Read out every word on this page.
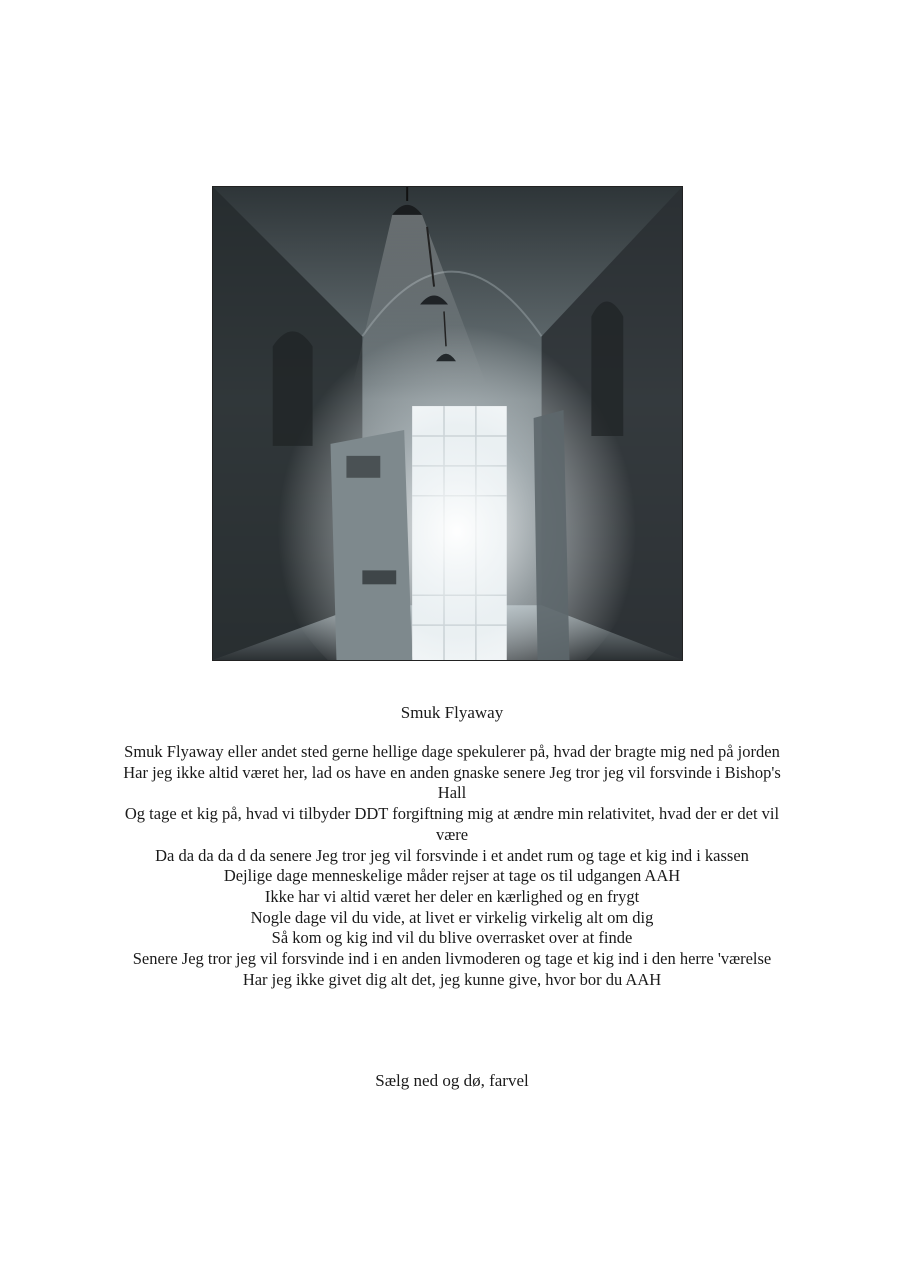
Smuk Flyaway
Smuk Flyaway eller andet sted gerne hellige dage spekulerer på, hvad der bragte mig ned på jorden
Har jeg ikke altid været her, lad os have en anden gnaske senere Jeg tror jeg vil forsvinde i Bishop's Hall
Og tage et kig på, hvad vi tilbyder DDT forgiftning mig at ændre min relativitet, hvad der er det vil være
Da da da da d da senere Jeg tror jeg vil forsvinde i et andet rum og tage et kig ind i kassen
Dejlige dage menneskelige måder rejser at tage os til udgangen AAH
Ikke har vi altid været her deler en kærlighed og en frygt
Nogle dage vil du vide, at livet er virkelig virkelig alt om dig
Så kom og kig ind vil du blive overrasket over at finde
Senere Jeg tror jeg vil forsvinde ind i en anden livmoderen og tage et kig ind i den herre 'værelse
Har jeg ikke givet dig alt det, jeg kunne give, hvor bor du AAH
Sælg ned og dø, farvel
